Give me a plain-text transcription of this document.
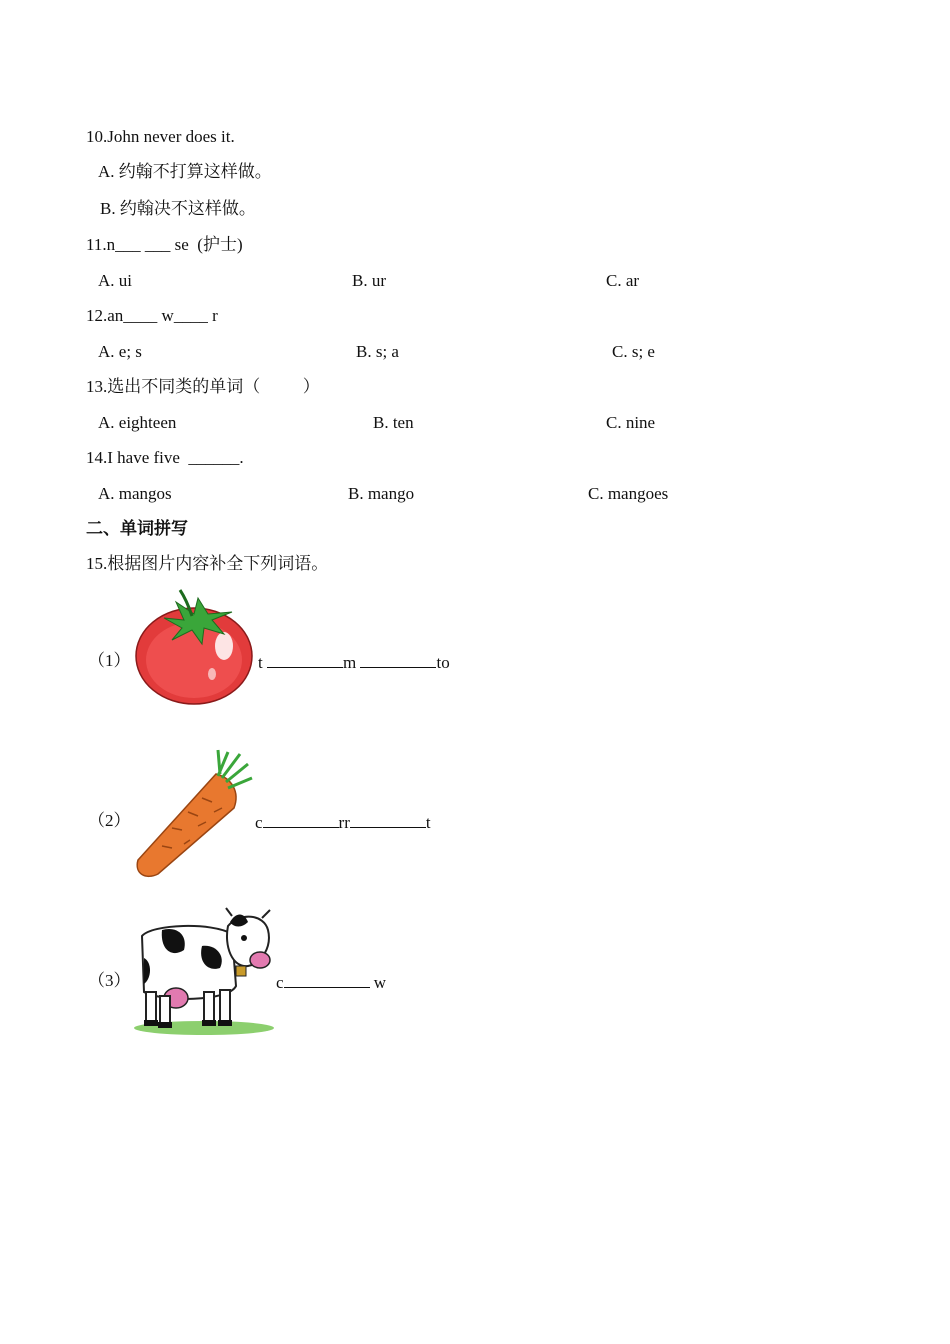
10.John never does it.
A. 约翰不打算这样做。
B. 约翰决不这样做。
11.n___ ___ se  (护士)
A. ui	B. ur	C. ar
12.an____ w____ r
A. e; s	B. s; a	C. s; e
13.选出不同类的单词（          ）
A. eighteen	B. ten	C. nine
14.I have five  ______.
A. mangos	B. mango	C. mangoes
二、单词拼写
15.根据图片内容补全下列词语。
（1）	t	m	to
（2）	c	rr	t
（3）	c	w
